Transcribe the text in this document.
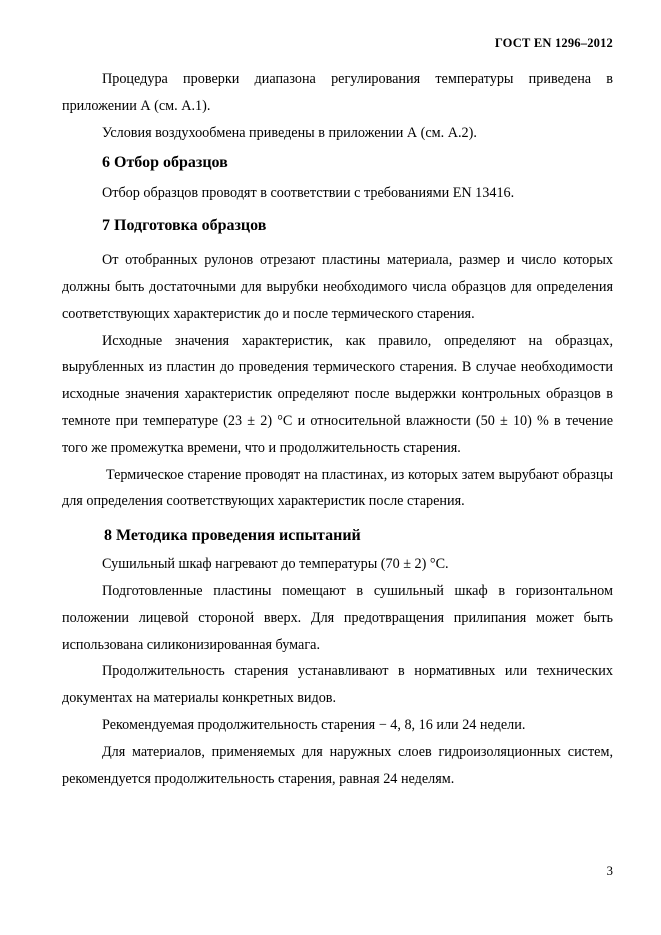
ГОСТ EN 1296–2012

Процедура проверки диапазона регулирования температуры приведена в приложении А (см. А.1).

Условия воздухообмена приведены в приложении А (см. А.2).

6 Отбор образцов

Отбор образцов проводят в соответствии с требованиями EN 13416.

7 Подготовка образцов

От отобранных рулонов отрезают пластины материала, размер и число которых должны быть достаточными для вырубки необходимого числа образцов для определения соответствующих характеристик до и после термического старения.

Исходные значения характеристик, как правило, определяют на образцах, вырубленных из пластин до проведения термического старения. В случае необходимости исходные значения характеристик определяют после выдержки контрольных образцов в темноте при температуре (23 ± 2) °С и относительной влажности (50 ± 10) % в течение того же промежутка времени, что и продолжительность старения.

Термическое старение проводят на пластинах, из которых затем вырубают образцы для определения соответствующих характеристик после старения.

8 Методика проведения испытаний

Сушильный шкаф нагревают до температуры (70 ± 2) °С.

Подготовленные пластины помещают в сушильный шкаф в горизонтальном положении лицевой стороной вверх. Для предотвращения прилипания может быть использована силиконизированная бумага.

Продолжительность старения устанавливают в нормативных или технических документах на материалы конкретных видов.

Рекомендуемая продолжительность старения − 4, 8, 16 или 24 недели.

Для материалов, применяемых для наружных слоев гидроизоляционных систем, рекомендуется продолжительность старения, равная 24 неделям.

3
